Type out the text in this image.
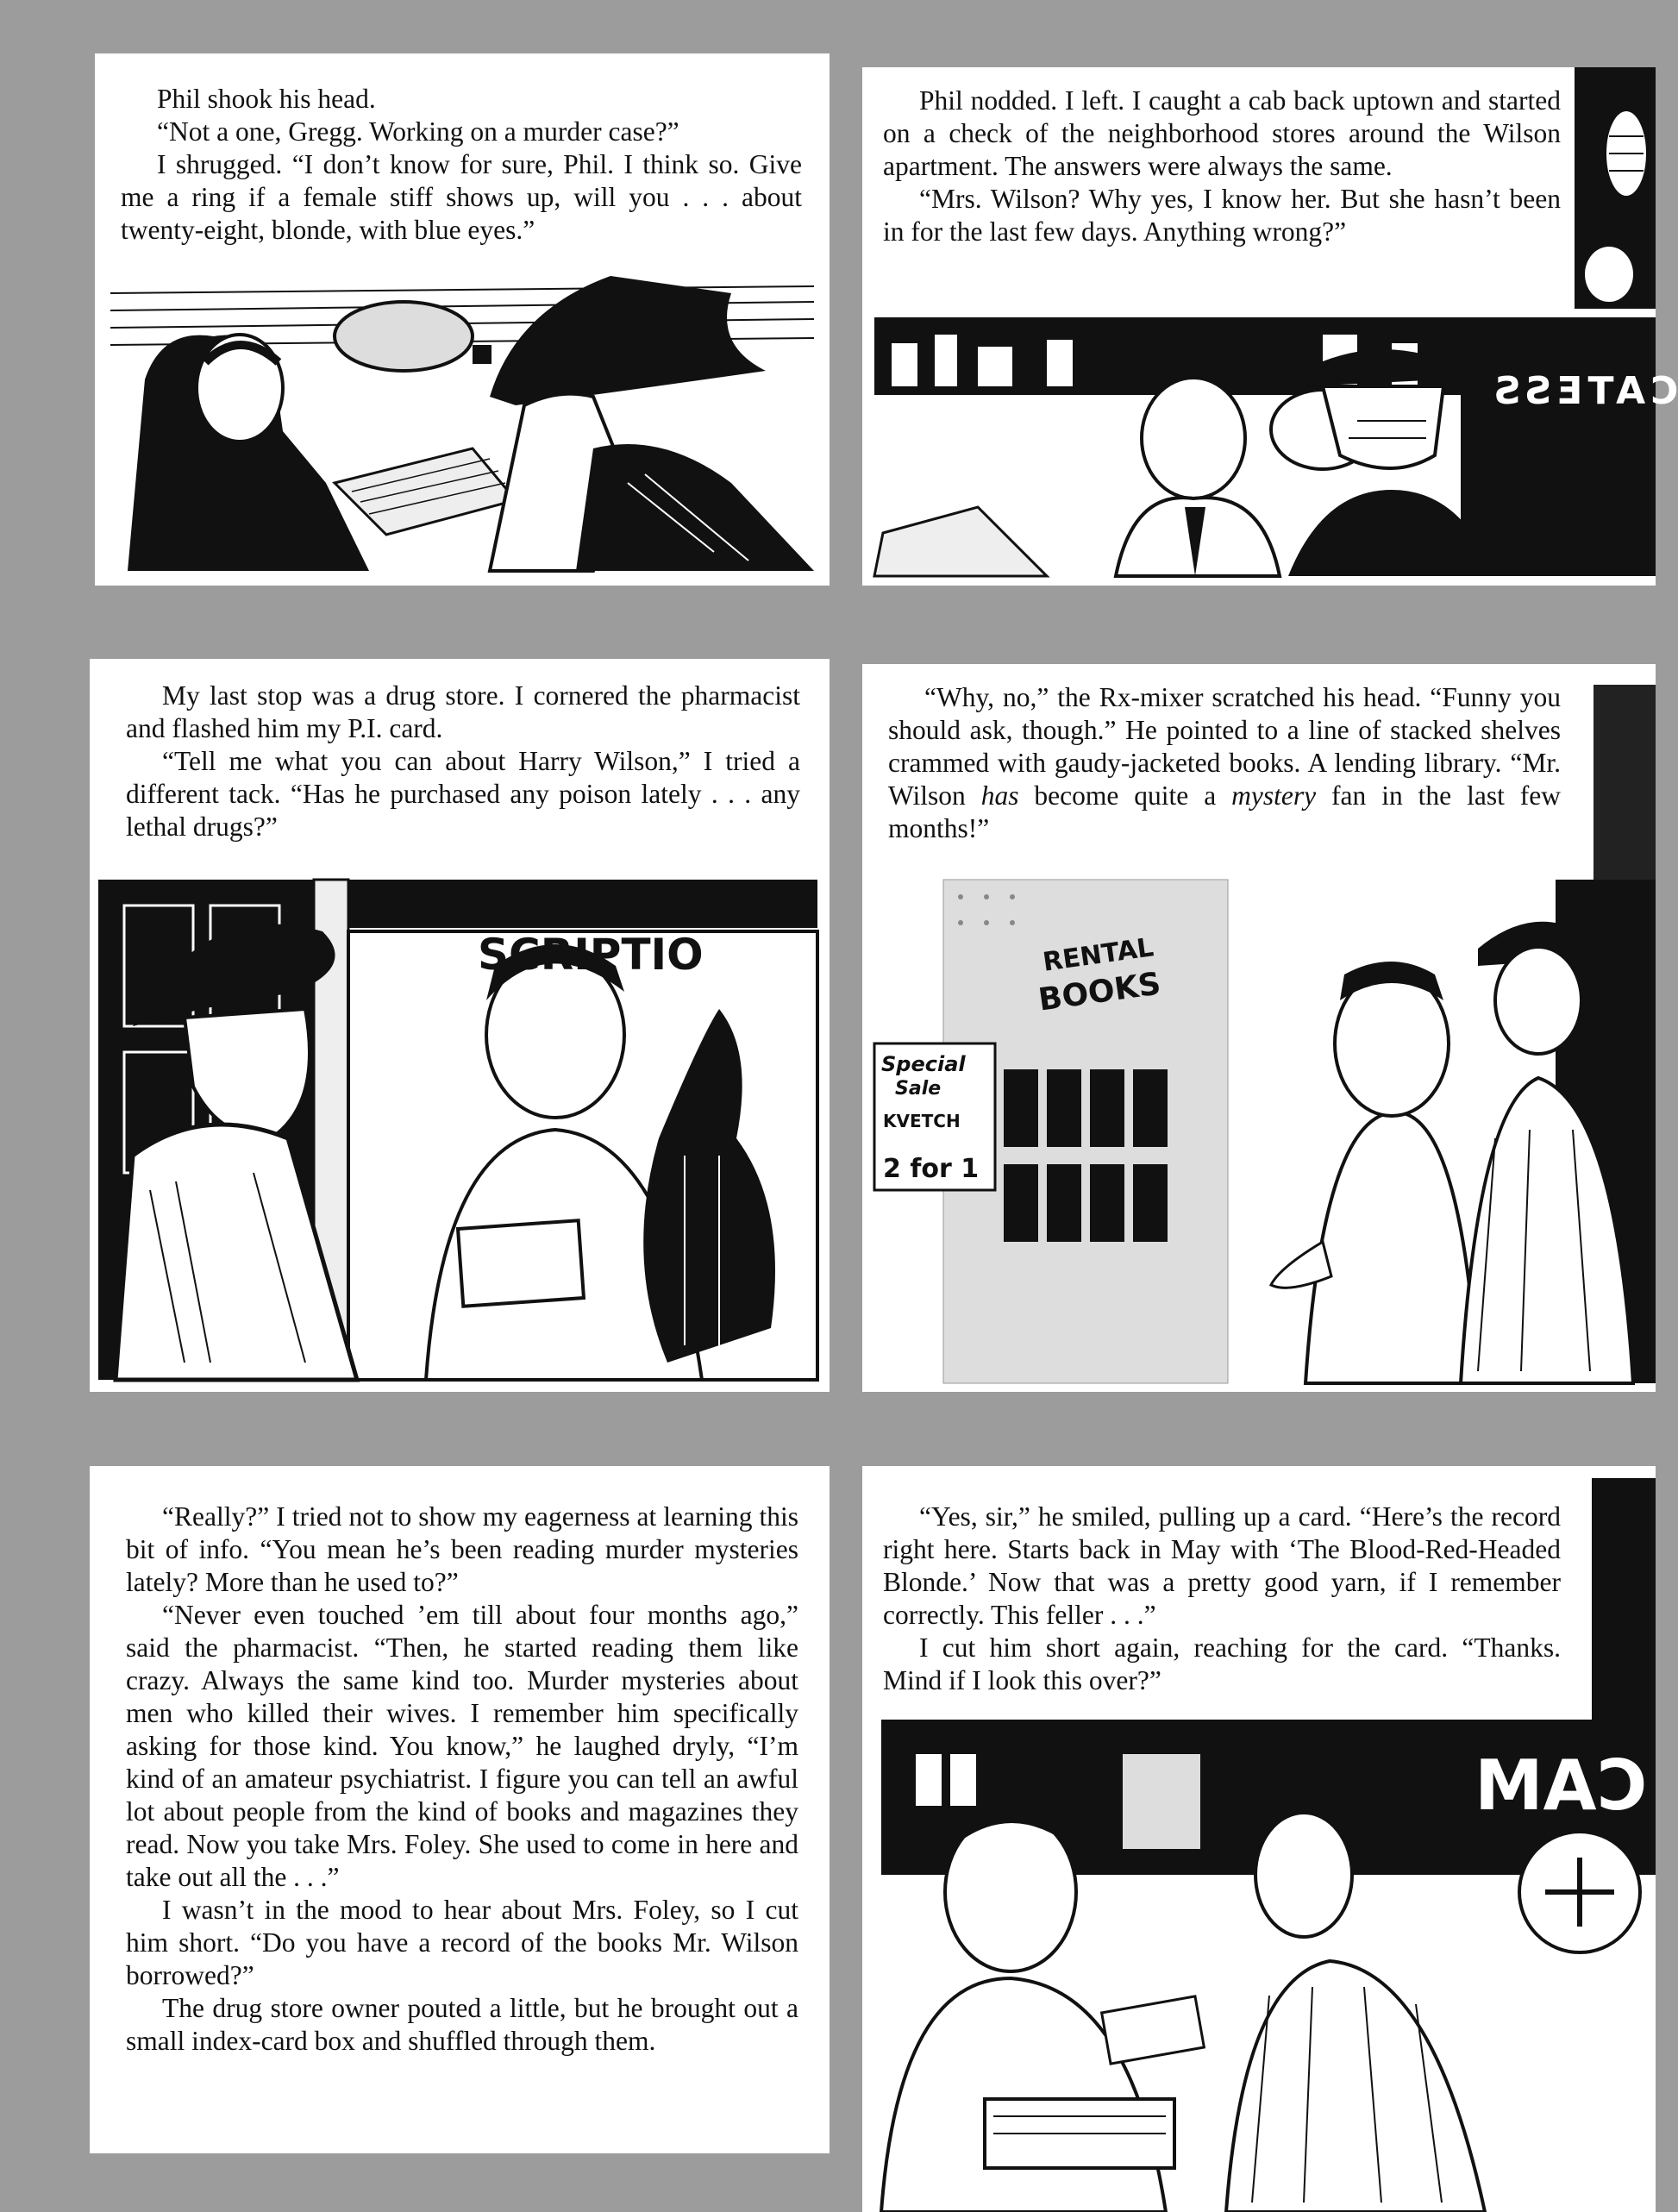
Phil shook his head.

“Not a one, Gregg. Working on a murder case?”

I shrugged. “I don’t know for sure, Phil. I think so. Give me a ring if a female stiff shows up, will you . . . about twenty-eight, blonde, with blue eyes.”

Phil nodded. I left. I caught a cab back uptown and started on a check of the neighborhood stores around the Wilson apartment. The answers were always the same.

“Mrs. Wilson? Why yes, I know her. But she hasn’t been in for the last few days. Anything wrong?”

CATESS

My last stop was a drug store. I cornered the pharmacist and flashed him my P.I. card.

“Tell me what you can about Harry Wilson,” I tried a different tack. “Has he purchased any poison lately . . . any lethal drugs?”

SCRIPTIO

“Why, no,” the Rx-mixer scratched his head. “Funny you should ask, though.” He pointed to a line of stacked shelves crammed with gaudy-jacketed books. A lending library. “Mr. Wilson has become quite a mystery fan in the last few months!”

RENTAL
BOOKS
Special
Sale
KVETCH
2 for 1

“Really?” I tried not to show my eagerness at learning this bit of info. “You mean he’s been reading murder mysteries lately? More than he used to?”

“Never even touched ’em till about four months ago,” said the pharmacist. “Then, he started reading them like crazy. Always the same kind too. Murder mysteries about men who killed their wives. I remember him specifically asking for those kind. You know,” he laughed dryly, “I’m kind of an amateur psychiatrist. I figure you can tell an awful lot about people from the kind of books and magazines they read. Now you take Mrs. Foley. She used to come in here and take out all the . . .”

I wasn’t in the mood to hear about Mrs. Foley, so I cut him short. “Do you have a record of the books Mr. Wilson borrowed?”

The drug store owner pouted a little, but he brought out a small index-card box and shuffled through them.

“Yes, sir,” he smiled, pulling up a card. “Here’s the record right here. Starts back in May with ‘The Blood-Red-Headed Blonde.’ Now that was a pretty good yarn, if I remember correctly. This feller . . .”

I cut him short again, reaching for the card. “Thanks. Mind if I look this over?”

CAM
